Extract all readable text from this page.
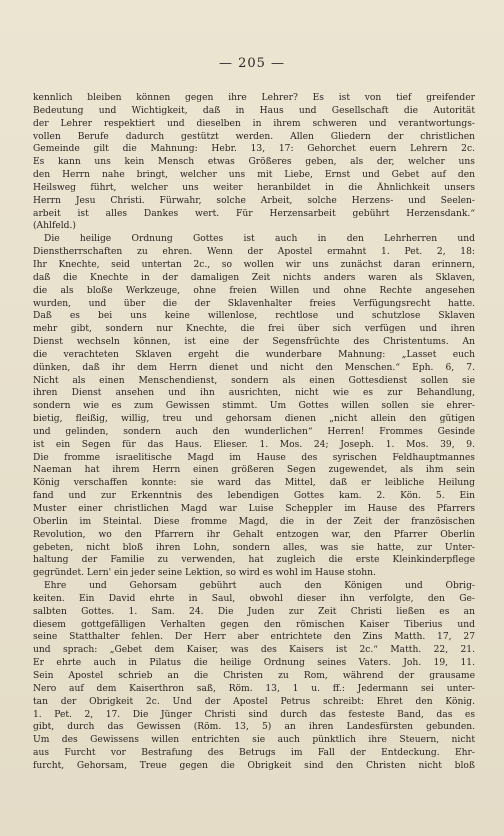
— 205 —
kennlich bleiben können gegen ihre Lehrer? Es ist von tief greifender
Bedeutung und Wichtigkeit, daß in Haus und Gesellschaft die Autorität
der Lehrer respektiert und dieselben in ihrem schweren und verantwortungs-
vollen Berufe dadurch gestützt werden. Allen Gliedern der christlichen
Gemeinde gilt die Mahnung: Hebr. 13, 17: Gehorchet euern Lehrern 2c.
Es kann uns kein Mensch etwas Größeres geben, als der, welcher uns
den Herrn nahe bringt, welcher uns mit Liebe, Ernst und Gebet auf den
Heilsweg führt, welcher uns weiter heranbildet in die Ähnlichkeit unsers
Herrn Jesu Christi. Fürwahr, solche Arbeit, solche Herzens- und Seelen-
arbeit ist alles Dankes wert. Für Herzensarbeit gebührt Herzensdank.“
(Ahlfeld.)
Die heilige Ordnung Gottes ist auch in den Lehrherren und
Dienstherrschaften zu ehren. Wenn der Apostel ermahnt 1. Pet. 2, 18:
Ihr Knechte, seid untertan 2c., so wollen wir uns zunächst daran erinnern,
daß die Knechte in der damaligen Zeit nichts anders waren als Sklaven,
die als bloße Werkzeuge, ohne freien Willen und ohne Rechte angesehen
wurden, und über die der Sklavenhalter freies Verfügungsrecht hatte.
Daß es bei uns keine willenlose, rechtlose und schutzlose Sklaven
mehr gibt, sondern nur Knechte, die frei über sich verfügen und ihren
Dienst wechseln können, ist eine der Segensfrüchte des Christentums. An
die verachteten Sklaven ergeht die wunderbare Mahnung: „Lasset euch
dünken, daß ihr dem Herrn dienet und nicht den Menschen.“ Eph. 6, 7.
Nicht als einen Menschendienst, sondern als einen Gottesdienst sollen sie
ihren Dienst ansehen und ihn ausrichten, nicht wie es zur Behandlung,
sondern wie es zum Gewissen stimmt. Um Gottes willen sollen sie ehrer-
bietig, fleißig, willig, treu und gehorsam dienen „nicht allein den gütigen
und gelinden, sondern auch den wunderlichen“ Herren! Frommes Gesinde
ist ein Segen für das Haus. Elieser. 1. Mos. 24; Joseph. 1. Mos. 39, 9.
Die fromme israelitische Magd im Hause des syrischen Feldhauptmannes
Naeman hat ihrem Herrn einen größeren Segen zugewendet, als ihm sein
König verschaffen konnte: sie ward das Mittel, daß er leibliche Heilung
fand und zur Erkenntnis des lebendigen Gottes kam. 2. Kön. 5. Ein
Muster einer christlichen Magd war Luise Scheppler im Hause des Pfarrers
Oberlin im Steintal. Diese fromme Magd, die in der Zeit der französischen
Revolution, wo den Pfarrern ihr Gehalt entzogen war, den Pfarrer Oberlin
gebeten, nicht bloß ihren Lohn, sondern alles, was sie hatte, zur Unter-
haltung der Familie zu verwenden, hat zugleich die erste Kleinkinderpflege
gegründet. Lern' ein jeder seine Lektion, so wird es wohl im Hause stohn.
Ehre und Gehorsam gebührt auch den Königen und Obrig-
keiten. Ein David ehrte in Saul, obwohl dieser ihn verfolgte, den Ge-
salbten Gottes. 1. Sam. 24. Die Juden zur Zeit Christi ließen es an
diesem gottgefälligen Verhalten gegen den römischen Kaiser Tiberius und
seine Statthalter fehlen. Der Herr aber entrichtete den Zins Matth. 17, 27
und sprach: „Gebet dem Kaiser, was des Kaisers ist 2c.“ Matth. 22, 21.
Er ehrte auch in Pilatus die heilige Ordnung seines Vaters. Joh. 19, 11.
Sein Apostel schrieb an die Christen zu Rom, während der grausame
Nero auf dem Kaiserthron saß, Röm. 13, 1 u. ff.: Jedermann sei unter-
tan der Obrigkeit 2c. Und der Apostel Petrus schreibt: Ehret den König.
1. Pet. 2, 17. Die Jünger Christi sind durch das festeste Band, das es
gibt, durch das Gewissen (Röm. 13, 5) an ihren Landesfürsten gebunden.
Um des Gewissens willen entrichten sie auch pünktlich ihre Steuern, nicht
aus Furcht vor Bestrafung des Betrugs im Fall der Entdeckung. Ehr-
furcht, Gehorsam, Treue gegen die Obrigkeit sind den Christen nicht bloß
